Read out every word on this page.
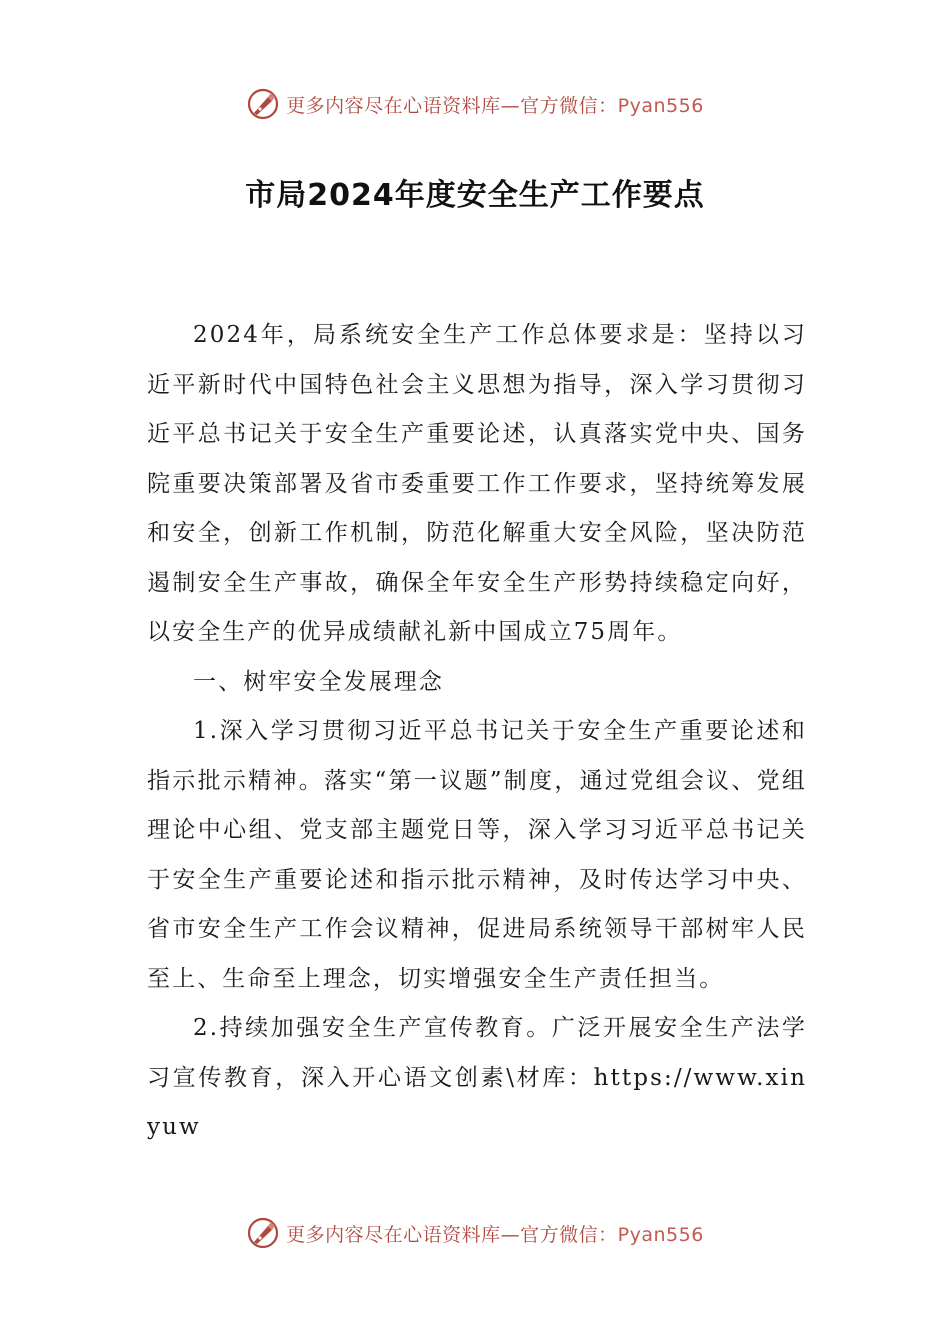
更多内容尽在心语资料库—官方微信：Pyan556
市局2024年度安全生产工作要点

2024年，局系统安全生产工作总体要求是：坚持以习近平新时代中国特色社会主义思想为指导，深入学习贯彻习近平总书记关于安全生产重要论述，认真落实党中央、国务院重要决策部署及省市委重要工作工作要求，坚持统筹发展和安全，创新工作机制，防范化解重大安全风险，坚决防范遏制安全生产事故，确保全年安全生产形势持续稳定向好，以安全生产的优异成绩献礼新中国成立75周年。

一、树牢安全发展理念

1.深入学习贯彻习近平总书记关于安全生产重要论述和指示批示精神。落实“第一议题”制度，通过党组会议、党组理论中心组、党支部主题党日等，深入学习习近平总书记关于安全生产重要论述和指示批示精神，及时传达学习中央、省市安全生产工作会议精神，促进局系统领导干部树牢人民至上、生命至上理念，切实增强安全生产责任担当。

2.持续加强安全生产宣传教育。广泛开展安全生产法学习宣传教育，深入开心语文创素\材库：https://www.xinyuw

更多内容尽在心语资料库—官方微信：Pyan556
